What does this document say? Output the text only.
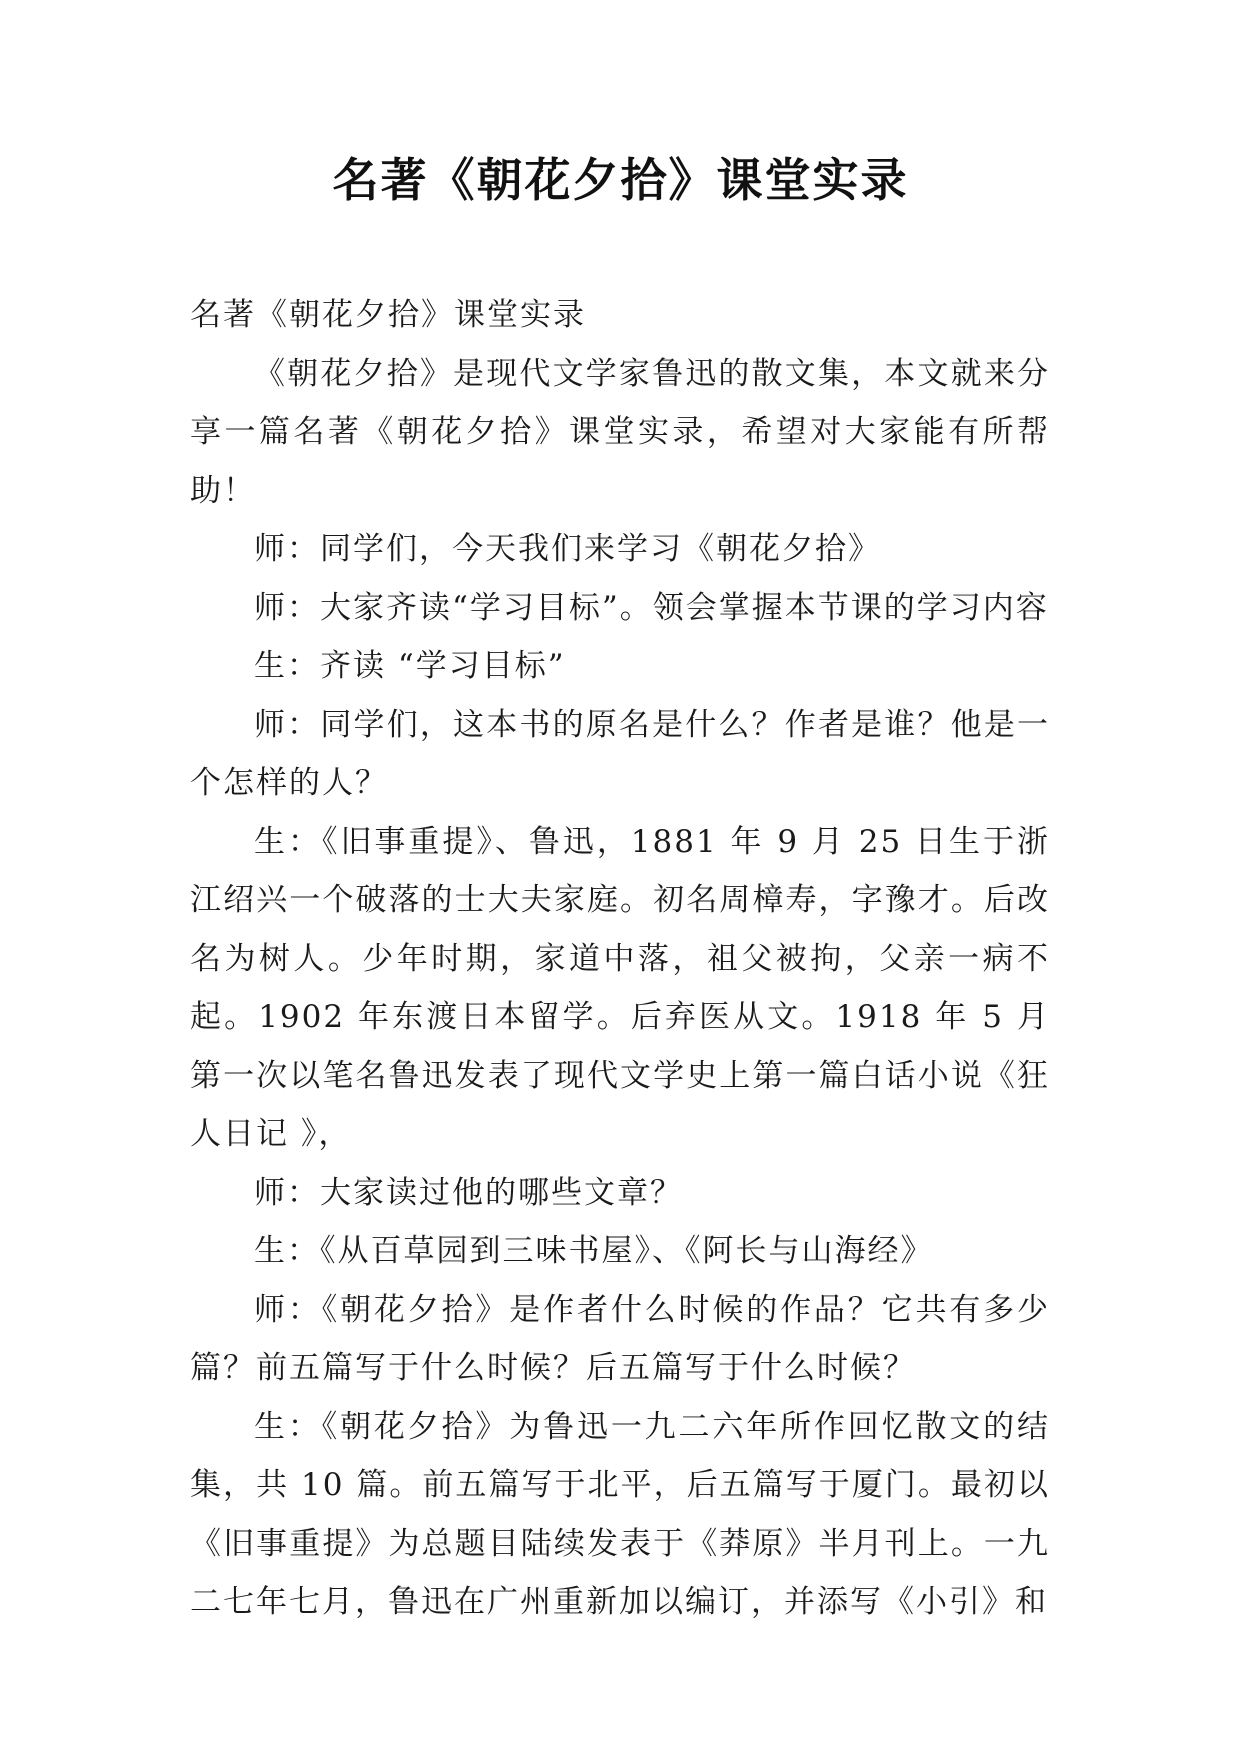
名著《朝花夕拾》课堂实录

名著《朝花夕拾》课堂实录

《朝花夕拾》是现代文学家鲁迅的散文集，本文就来分享一篇名著《朝花夕拾》课堂实录，希望对大家能有所帮助！

师：同学们，今天我们来学习《朝花夕拾》

师：大家齐读“学习目标”。领会掌握本节课的学习内容

生：齐读 “学习目标”

师：同学们，这本书的原名是什么？作者是谁？他是一个怎样的人？

生：《旧事重提》、鲁迅，1881 年 9 月 25 日生于浙江绍兴一个破落的士大夫家庭。初名周樟寿，字豫才。后改名为树人。少年时期，家道中落，祖父被拘，父亲一病不起。1902 年东渡日本留学。后弃医从文。1918 年 5 月第一次以笔名鲁迅发表了现代文学史上第一篇白话小说《狂人日记 》，

师：大家读过他的哪些文章？

生：《从百草园到三味书屋》、《阿长与山海经》

师：《朝花夕拾》是作者什么时候的作品？它共有多少篇？前五篇写于什么时候？后五篇写于什么时候？

生：《朝花夕拾》为鲁迅一九二六年所作回忆散文的结集，共 10 篇。前五篇写于北平，后五篇写于厦门。最初以《旧事重提》为总题目陆续发表于《莽原》半月刊上。一九二七年七月，鲁迅在广州重新加以编订，并添写《小引》和
